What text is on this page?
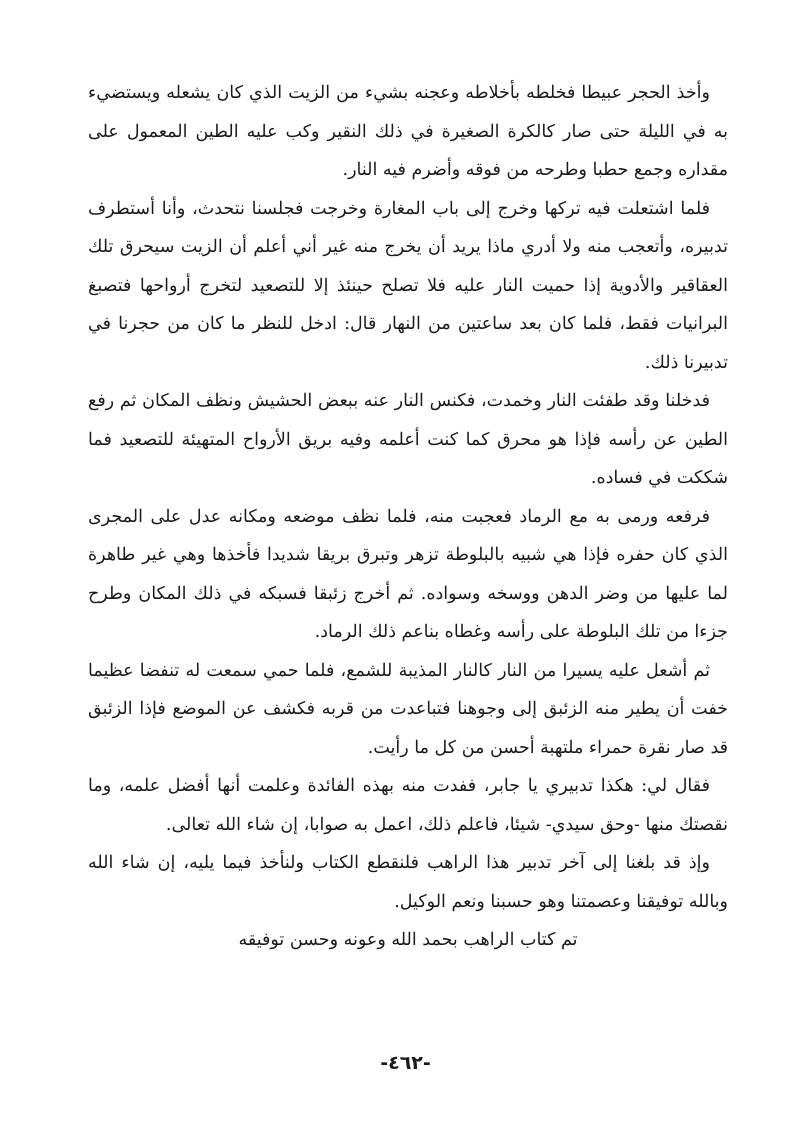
وأخذ الحجر عبيطا فخلطه بأخلاطه وعجنه بشيء من الزيت الذي كان يشعله ويستضيء به في الليلة حتى صار كالكرة الصغيرة في ذلك النقير وكب عليه الطين المعمول على مقداره وجمع حطبا وطرحه من فوقه وأضرم فيه النار.

فلما اشتعلت فيه تركها وخرج إلى باب المغارة وخرجت فجلسنا نتحدث، وأنا أستطرف تدبيره، وأتعجب منه ولا أدري ماذا يريد أن يخرج منه غير أني أعلم أن الزيت سيحرق تلك العقاقير والأدوية إذا حميت النار عليه فلا تصلح حينئذ إلا للتصعيد لتخرج أرواحها فتصبغ البرانيات فقط، فلما كان بعد ساعتين من النهار قال: ادخل للنظر ما كان من حجرنا في تدبيرنا ذلك.

فدخلنا وقد طفئت النار وخمدت، فكنس النار عنه ببعض الحشيش ونظف المكان ثم رفع الطين عن رأسه فإذا هو محرق كما كنت أعلمه وفيه بريق الأرواح المتهيئة للتصعيد فما شككت في فساده.

فرفعه ورمى به مع الرماد فعجبت منه، فلما نظف موضعه ومكانه عدل على المجرى الذي كان حفره فإذا هي شبيه بالبلوطة تزهر وتبرق بريقا شديدا فأخذها وهي غير طاهرة لما عليها من وضر الدهن ووسخه وسواده. ثم أخرج زئبقا فسبكه في ذلك المكان وطرح جزءا من تلك البلوطة على رأسه وغطاه بناعم ذلك الرماد.

ثم أشعل عليه يسيرا من النار كالنار المذيبة للشمع، فلما حمي سمعت له تنفضا عظيما خفت أن يطير منه الزئبق إلى وجوهنا فتباعدت من قربه فكشف عن الموضع فإذا الزئبق قد صار نقرة حمراء ملتهبة أحسن من كل ما رأيت.

فقال لي: هكذا تدبيري يا جابر، ففدت منه بهذه الفائدة وعلمت أنها أفضل علمه، وما نقصتك منها -وحق سيدي- شيئا، فاعلم ذلك، اعمل به صوابا، إن شاء الله تعالى.

وإذ قد بلغنا إلى آخر تدبير هذا الراهب فلنقطع الكتاب ولنأخذ فيما يليه، إن شاء الله وبالله توفيقنا وعصمتنا وهو حسبنا ونعم الوكيل.

تم كتاب الراهب بحمد الله وعونه وحسن توفيقه

-٤٦٢-
